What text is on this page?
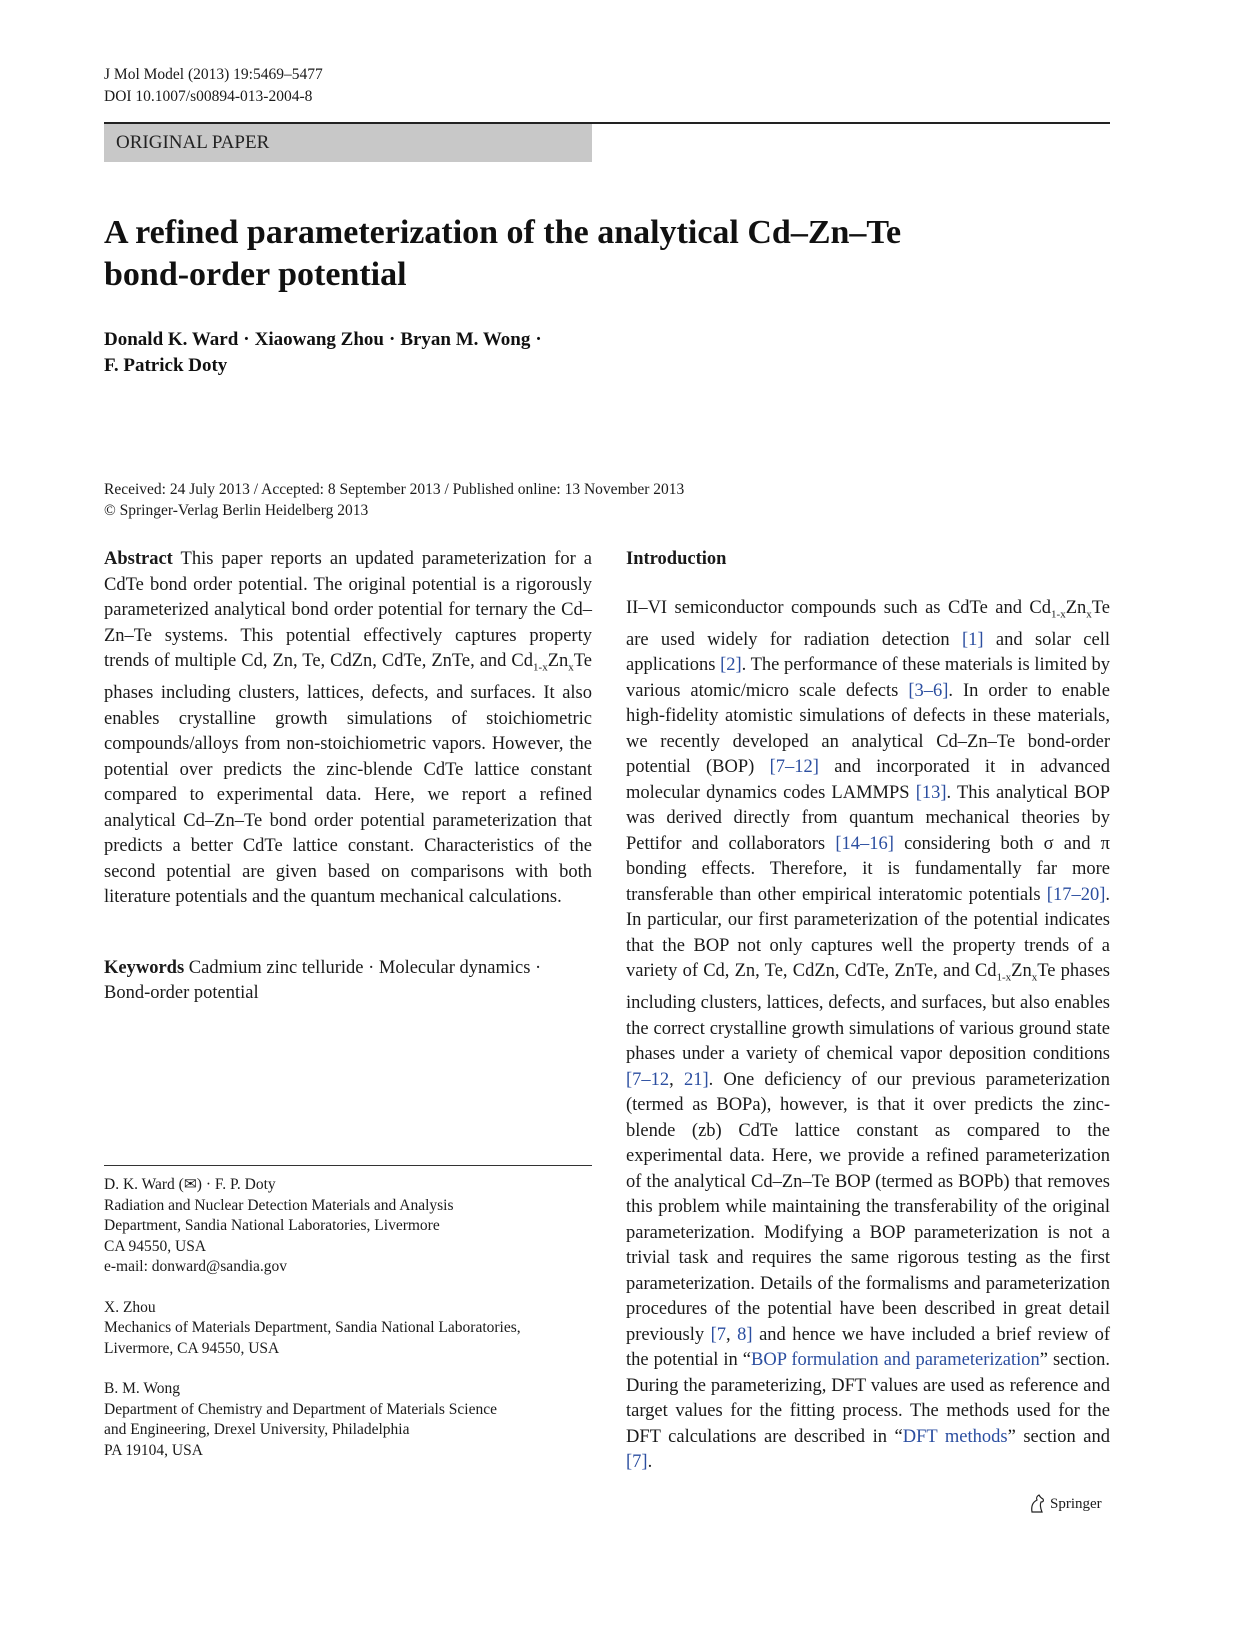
J Mol Model (2013) 19:5469–5477
DOI 10.1007/s00894-013-2004-8
ORIGINAL PAPER
A refined parameterization of the analytical Cd–Zn–Te
bond-order potential
Donald K. Ward · Xiaowang Zhou · Bryan M. Wong ·
F. Patrick Doty
Received: 24 July 2013 / Accepted: 8 September 2013 / Published online: 13 November 2013
© Springer-Verlag Berlin Heidelberg 2013
Abstract This paper reports an updated parameterization for a CdTe bond order potential. The original potential is a rigorously parameterized analytical bond order potential for ternary the Cd–Zn–Te systems. This potential effectively captures property trends of multiple Cd, Zn, Te, CdZn, CdTe, ZnTe, and $Cd_{1-x}Zn_xTe$ phases including clusters, lattices, defects, and surfaces. It also enables crystalline growth simulations of stoichiometric compounds/alloys from non-stoichiometric vapors. However, the potential over predicts the zinc-blende CdTe lattice constant compared to experimental data. Here, we report a refined analytical Cd–Zn–Te bond order potential parameterization that predicts a better CdTe lattice constant. Characteristics of the second potential are given based on comparisons with both literature potentials and the quantum mechanical calculations.
Keywords Cadmium zinc telluride · Molecular dynamics · Bond-order potential
D. K. Ward (✉) · F. P. Doty
Radiation and Nuclear Detection Materials and Analysis
Department, Sandia National Laboratories, Livermore
CA 94550, USA
e-mail: donward@sandia.gov
X. Zhou
Mechanics of Materials Department, Sandia National Laboratories,
Livermore, CA 94550, USA
B. M. Wong
Department of Chemistry and Department of Materials Science
and Engineering, Drexel University, Philadelphia
PA 19104, USA
Introduction
II–VI semiconductor compounds such as CdTe and $Cd_{1-x}Zn_xTe$ are used widely for radiation detection [1] and solar cell applications [2]. The performance of these materials is limited by various atomic/micro scale defects [3–6]. In order to enable high-fidelity atomistic simulations of defects in these materials, we recently developed an analytical Cd–Zn–Te bond-order potential (BOP) [7–12] and incorporated it in advanced molecular dynamics codes LAMMPS [13]. This analytical BOP was derived directly from quantum mechanical theories by Pettifor and collaborators [14–16] considering both σ and π bonding effects. Therefore, it is fundamentally far more transferable than other empirical interatomic potentials [17–20]. In particular, our first parameterization of the potential indicates that the BOP not only captures well the property trends of a variety of Cd, Zn, Te, CdZn, CdTe, ZnTe, and $Cd_{1-x}Zn_xTe$ phases including clusters, lattices, defects, and surfaces, but also enables the correct crystalline growth simulations of various ground state phases under a variety of chemical vapor deposition conditions [7–12, 21]. One deficiency of our previous parameterization (termed as BOPa), however, is that it over predicts the zinc-blende (zb) CdTe lattice constant as compared to the experimental data. Here, we provide a refined parameterization of the analytical Cd–Zn–Te BOP (termed as BOPb) that removes this problem while maintaining the transferability of the original parameterization. Modifying a BOP parameterization is not a trivial task and requires the same rigorous testing as the first parameterization. Details of the formalisms and parameterization procedures of the potential have been described in great detail previously [7, 8] and hence we have included a brief review of the potential in “BOP formulation and parameterization” section. During the parameterizing, DFT values are used as reference and target values for the fitting process. The methods used for the DFT calculations are described in “DFT methods” section and [7].
Springer
